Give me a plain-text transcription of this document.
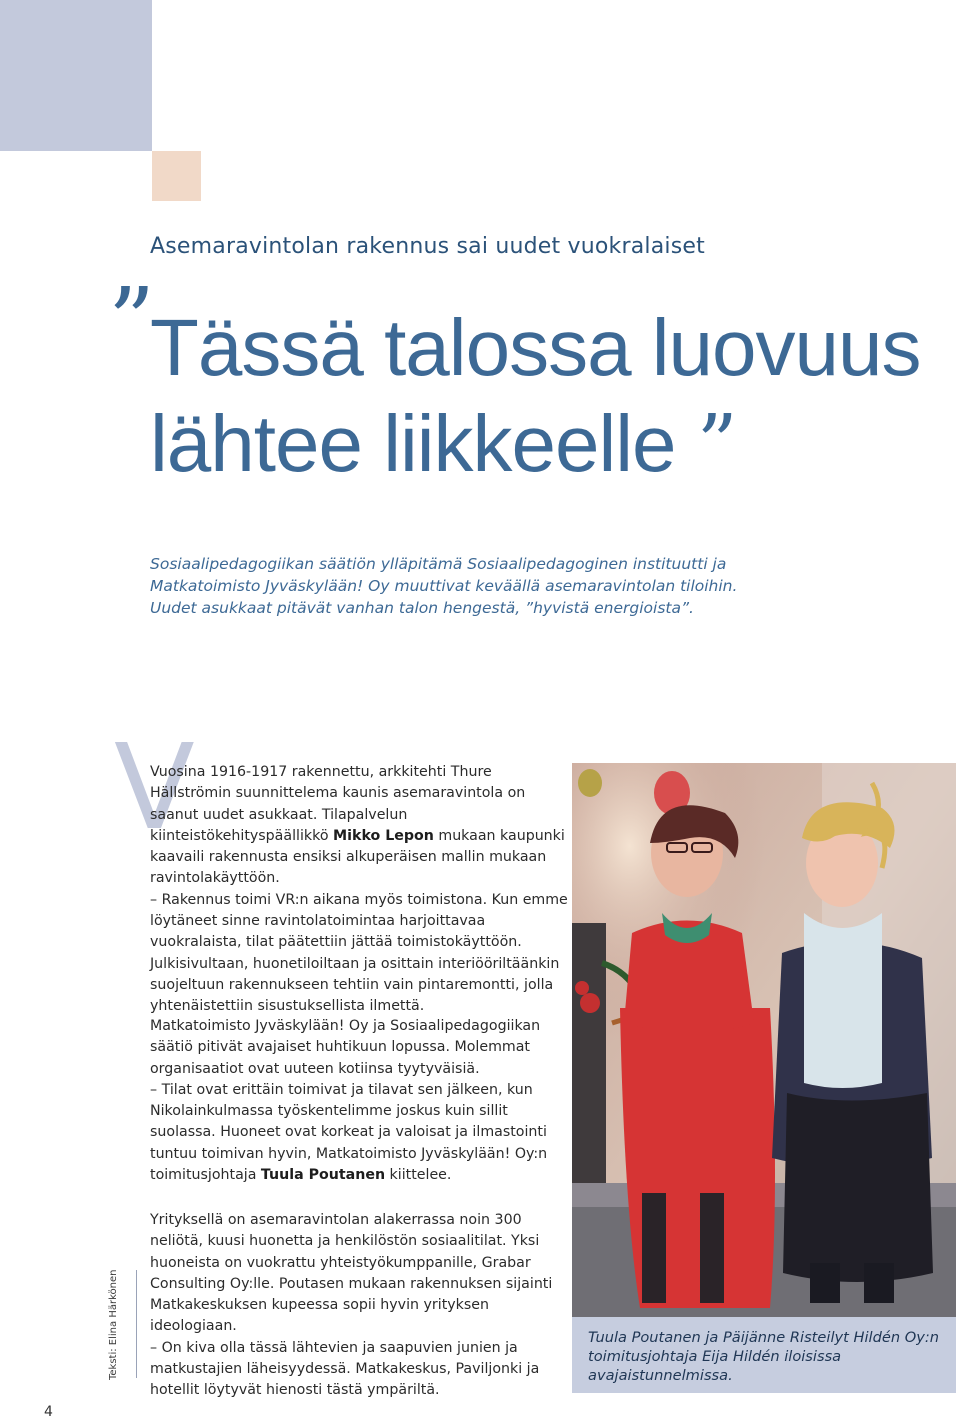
Asemaravintolan rakennus sai uudet vuokralaiset
”
Tässä talossa luovuus
lähtee liikkeelle ”
Sosiaalipedagogiikan säätiön ylläpitämä Sosiaalipedagoginen instituutti ja
Matkatoimisto Jyväskylään! Oy muuttivat keväällä asemaravintolan tiloihin.
Uudet asukkaat pitävät vanhan talon hengestä, ”hyvistä energioista”.
V

Vuosina 1916-1917 rakennettu, arkkitehti Thure Hällströmin suunnittelema kaunis asemaravintola on saanut uudet asukkaat. Tilapalvelun kiinteistökehityspäällikkö Mikko Lepon mukaan kaupunki kaavaili rakennusta ensiksi alkuperäisen mallin mukaan ravintolakäyttöön.

– Rakennus toimi VR:n aikana myös toimistona. Kun emme löytäneet sinne ravintolatoimintaa harjoittavaa vuokralaista, tilat päätettiin jättää toimistokäyttöön. Julkisivultaan, huonetiloiltaan ja osittain interiööriltäänkin suojeltuun rakennukseen tehtiin vain pintaremontti, jolla yhtenäistettiin sisustuksellista ilmettä.

Matkatoimisto Jyväskylään! Oy ja Sosiaalipedagogiikan säätiö pitivät avajaiset huhtikuun lopussa. Molemmat organisaatiot ovat uuteen kotiinsa tyytyväisiä.

– Tilat ovat erittäin toimivat ja tilavat sen jälkeen, kun Nikolainkulmassa työskentelimme joskus kuin sillit suolassa. Huoneet ovat korkeat ja valoisat ja ilmastointi tuntuu toimivan hyvin, Matkatoimisto Jyväskylään! Oy:n toimitusjohtaja Tuula Poutanen kiittelee.

Yrityksellä on asemaravintolan alakerrassa noin 300 neliötä, kuusi huonetta ja henkilöstön sosiaalitilat. Yksi huoneista on vuokrattu yhteistyökumppanille, Grabar Consulting Oy:lle. Poutasen mukaan rakennuksen sijainti Matkakeskuksen kupeessa sopii hyvin yrityksen ideologiaan.

– On kiva olla tässä lähtevien ja saapuvien junien ja matkustajien läheisyydessä. Matkakeskus, Paviljonki ja hotellit löytyvät hienosti tästä ympäriltä.

Tuula Poutanen ja Päijänne Risteilyt Hildén Oy:n
toimitusjohtaja Eija Hildén iloisissa avajaistunnelmissa.
Teksti: Elina Härkönen
4
